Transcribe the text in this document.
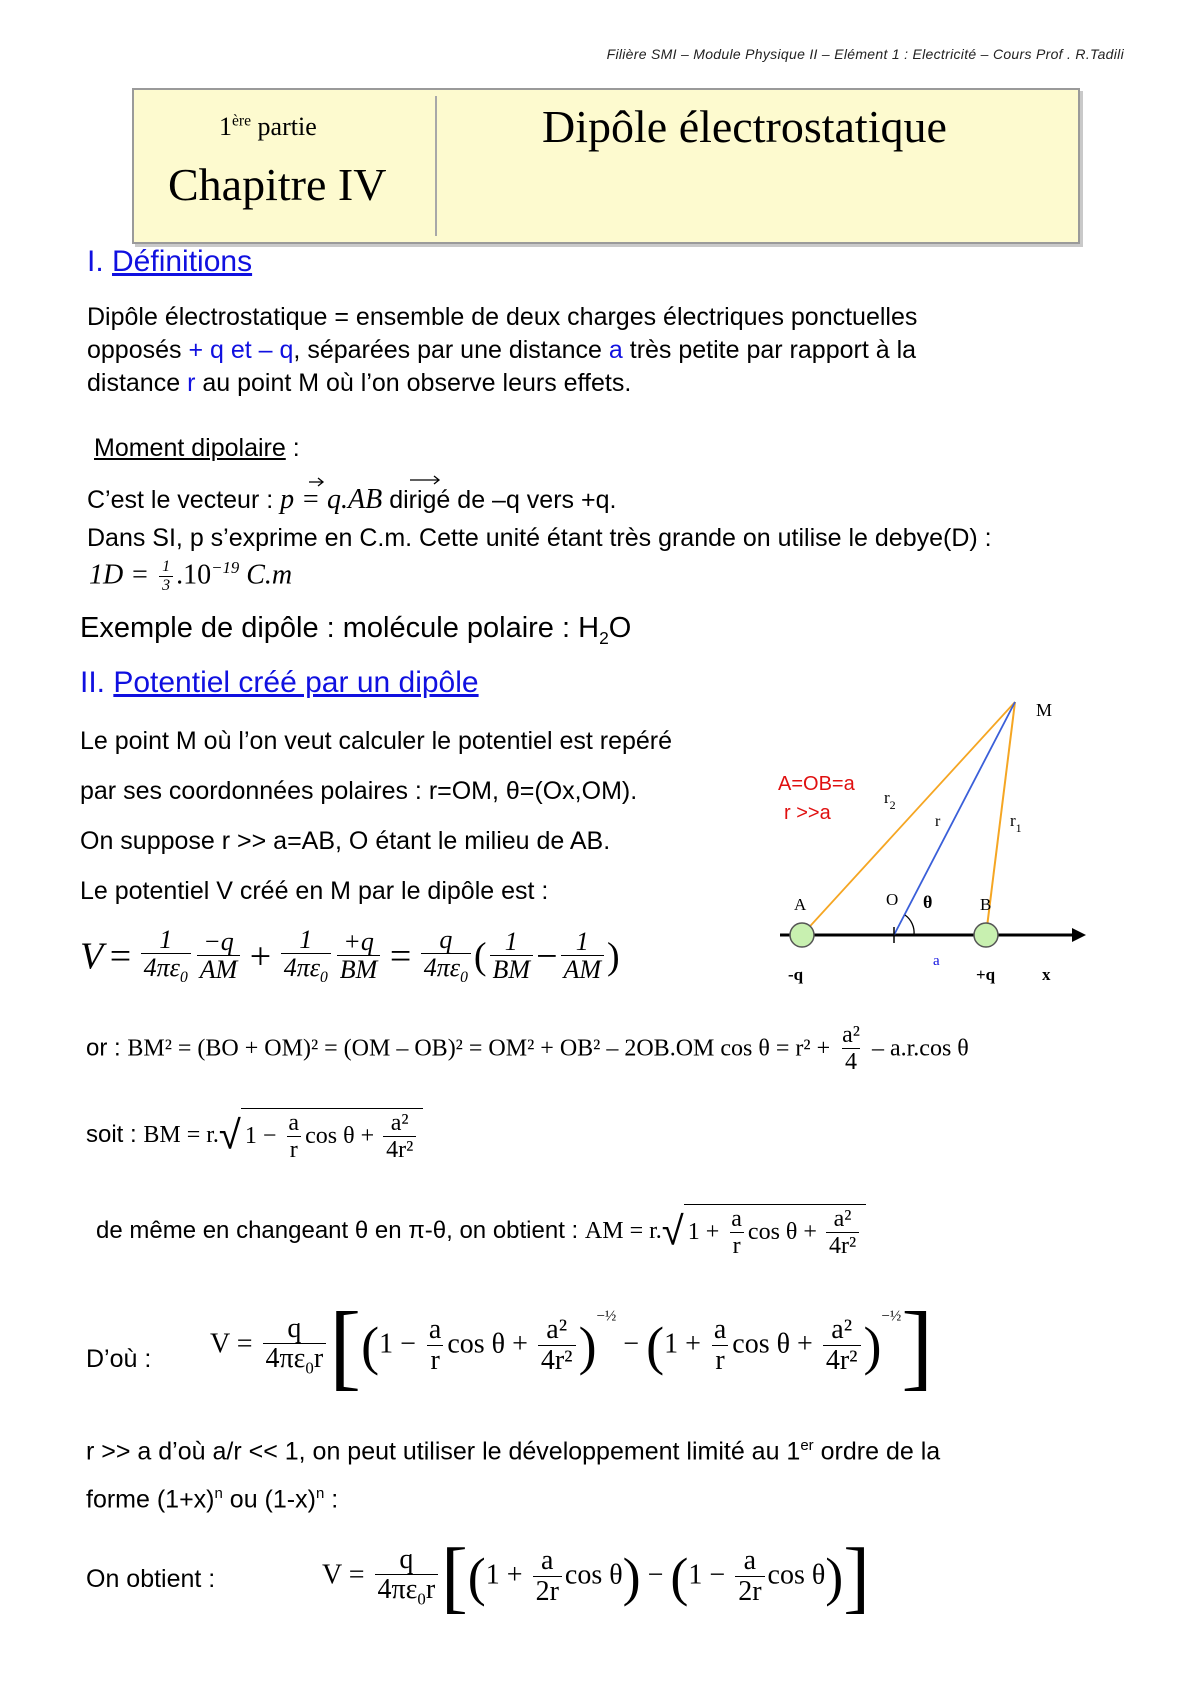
Filière SMI – Module Physique II – Elément 1 : Electricité – Cours Prof . R.Tadili
1ère partie
Chapitre IV
Dipôle électrostatique
I. Définitions
Dipôle électrostatique = ensemble de deux charges électriques ponctuelles
opposés + q et – q, séparées par une distance a très petite par rapport à la
distance r au point M où l’on observe leurs effets.
Moment dipolaire :
C’est le vecteur : p = q.AB dirigé de –q vers +q.
Dans SI, p s’exprime en C.m. Cette unité étant très grande on utilise le debye(D) :
$1D = \frac{1}{3} .10^{-19}$ C.m
Exemple de dipôle : molécule polaire : $H_2O$
II. Potentiel créé par un dipôle
Le point M où l’on veut calculer le potentiel est repéré
par ses coordonnées polaires : r=OM, θ=(Ox,OM).
On suppose r >> a=AB, O étant le milieu de AB.
Le potentiel V créé en M par le dipôle est :
M
$r_2$
r	$r_1$
A	O θ	B
a
-q	+q	x
A=OB=a
r >>a
$V = \frac{1}{4\pi\varepsilon_0} \frac{-q}{AM} + \frac{1}{4\pi\varepsilon_0} \frac{+q}{BM} = \frac{q}{4\pi\varepsilon_0}$ ( $\frac{1}{BM} - \frac{1}{AM}$ )
or : BM² = (BO + OM)² = (OM – OB)² = OM² + OB² – 2OB.OM $\cos \theta = r^2 + \frac{\text{a²}}{4} - a.r.\cos$ θ
soit : BM = r.√ $1 - \frac{a}{r}$ $\cos \theta + \frac{\text{a²}}{\text{4r²}}$
de même en changeant θ en π-θ, on obtient : AM = r.√ $1 + \frac{a}{r}$ $\cos \theta + \frac{\text{a²}}{\text{4r²}}$
D’où : $V = \frac{q}{4\pi\varepsilon_0r} [(1 - \frac{a}{r}$ $\cos \theta + \frac{\text{a²}}{\text{4r²}} )^{-\frac{1}{2}} - (1 + \frac{a}{r}$ $\cos \theta + \frac{\text{a²}}{\text{4r²}} )^{-\frac{1}{2}}$]
r >> a d’où a/r << 1, on peut utiliser le développement limité au 1er ordre de la
forme $(1+x)^n$ ou $(1-x)^n$ :
On obtient :	$V = \frac{q}{4\pi\varepsilon_0r} [(1 + \frac{a}{2r}$ $\cos \theta) - (1 - \frac{a}{2r}$ cos θ)]
